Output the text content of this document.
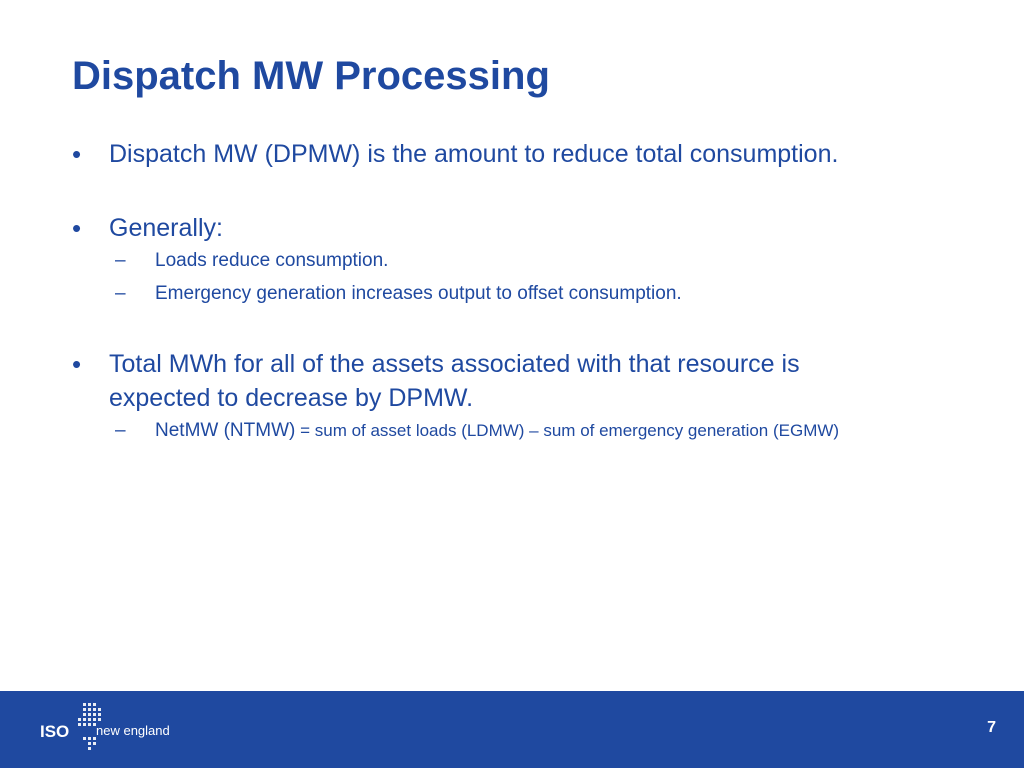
Dispatch MW Processing
• Dispatch MW (DPMW) is the amount to reduce total consumption.
• Generally:
– Loads reduce consumption.
– Emergency generation increases output to offset consumption.
• Total MWh for all of the assets associated with that resource is
expected to decrease by DPMW.
– NetMW (NTMW) = sum of asset loads (LDMW) – sum of emergency generation (EGMW)
ISO new england	7
